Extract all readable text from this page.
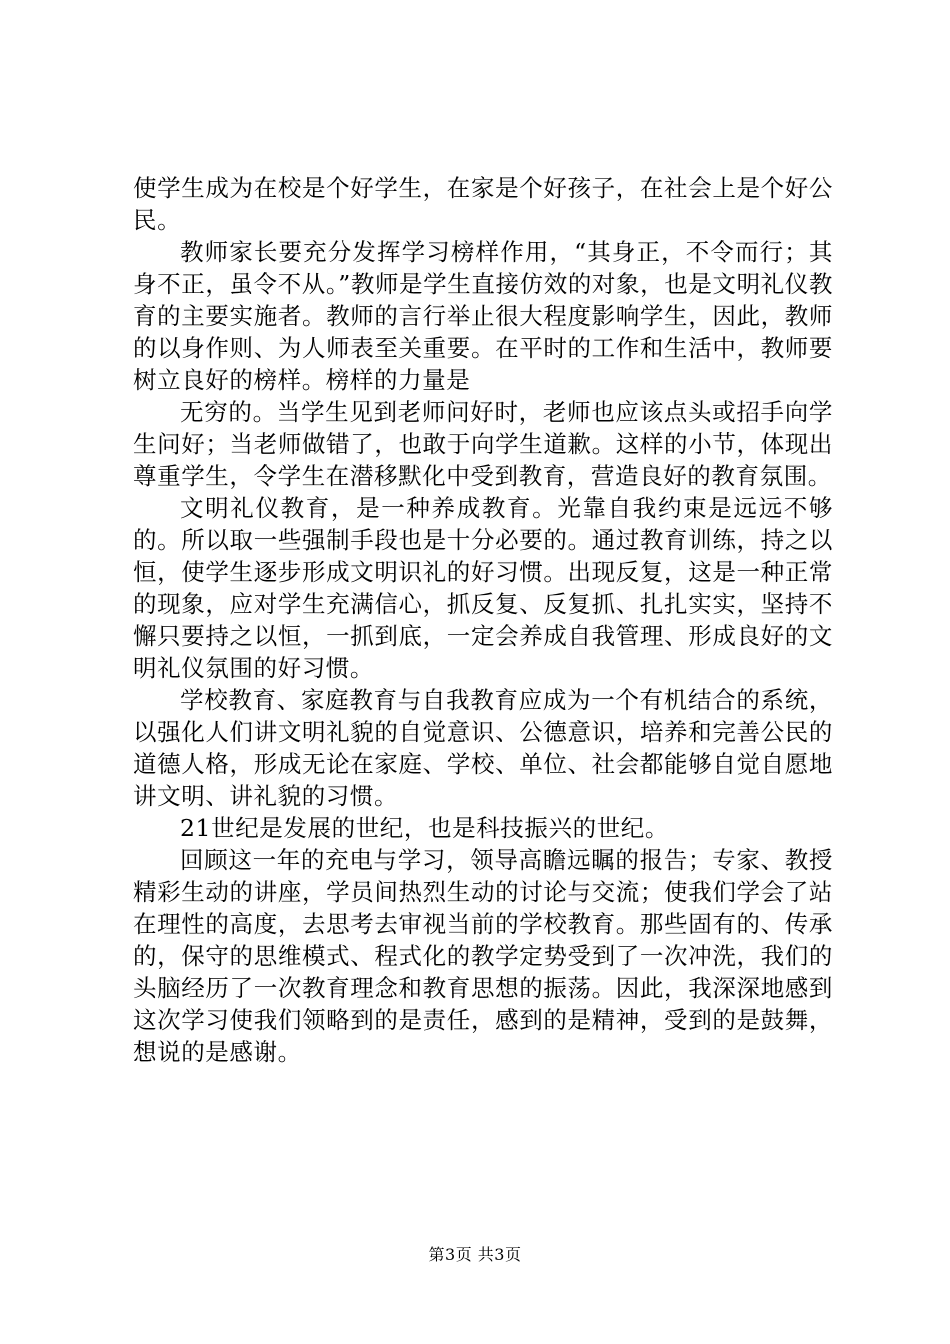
使学生成为在校是个好学生，在家是个好孩子，在社会上是个好公民。

教师家长要充分发挥学习榜样作用，“其身正，不令而行；其身不正，虽令不从。”教师是学生直接仿效的对象，也是文明礼仪教育的主要实施者。教师的言行举止很大程度影响学生，因此，教师的以身作则、为人师表至关重要。在平时的工作和生活中，教师要树立良好的榜样。榜样的力量是

无穷的。当学生见到老师问好时，老师也应该点头或招手向学生问好；当老师做错了，也敢于向学生道歉。这样的小节，体现出尊重学生，令学生在潜移默化中受到教育，营造良好的教育氛围。

文明礼仪教育，是一种养成教育。光靠自我约束是远远不够的。所以取一些强制手段也是十分必要的。通过教育训练，持之以恒，使学生逐步形成文明识礼的好习惯。出现反复，这是一种正常的现象，应对学生充满信心，抓反复、反复抓、扎扎实实，坚持不懈只要持之以恒，一抓到底，一定会养成自我管理、形成良好的文明礼仪氛围的好习惯。

学校教育、家庭教育与自我教育应成为一个有机结合的系统，以强化人们讲文明礼貌的自觉意识、公德意识，培养和完善公民的道德人格，形成无论在家庭、学校、单位、社会都能够自觉自愿地讲文明、讲礼貌的习惯。

21世纪是发展的世纪，也是科技振兴的世纪。

回顾这一年的充电与学习，领导高瞻远瞩的报告；专家、教授精彩生动的讲座，学员间热烈生动的讨论与交流；使我们学会了站在理性的高度，去思考去审视当前的学校教育。那些固有的、传承的，保守的思维模式、程式化的教学定势受到了一次冲洗，我们的头脑经历了一次教育理念和教育思想的振荡。因此，我深深地感到这次学习使我们领略到的是责任，感到的是精神，受到的是鼓舞，想说的是感谢。

第3页 共3页
